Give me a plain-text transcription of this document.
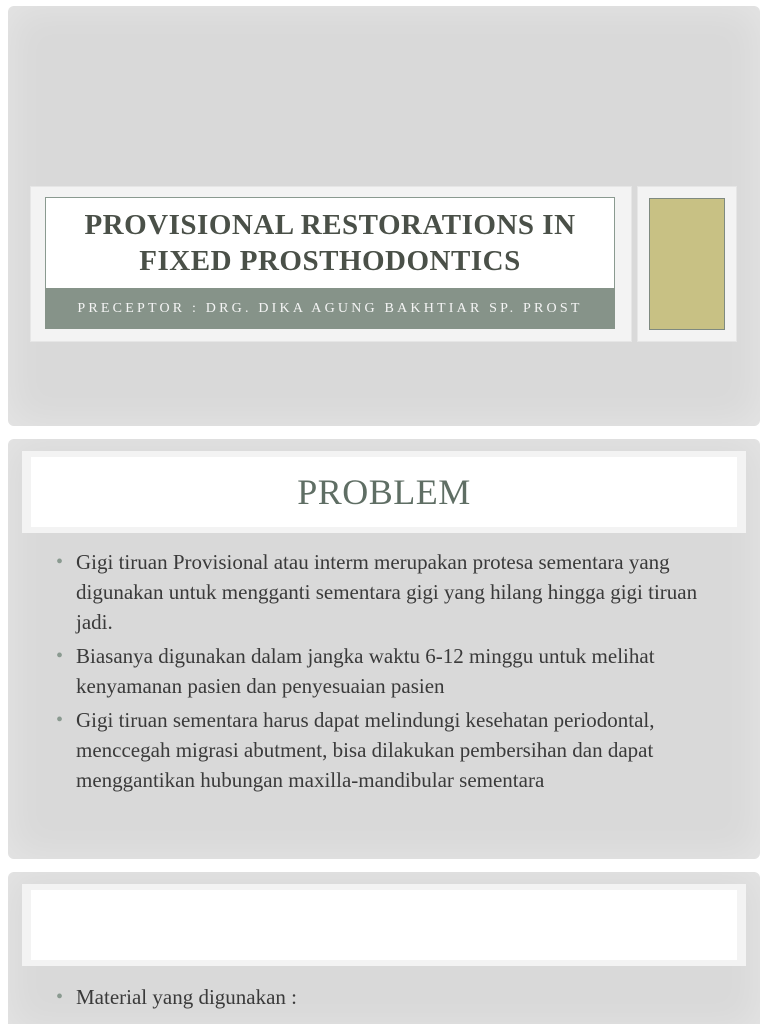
PROVISIONAL RESTORATIONS IN
FIXED PROSTHODONTICS
PRECEPTOR : DRG. DIKA AGUNG BAKHTIAR SP. PROST
PROBLEM
• Gigi tiruan Provisional atau interm merupakan protesa sementara yang digunakan untuk mengganti sementara gigi yang hilang hingga gigi tiruan jadi.
• Biasanya digunakan dalam jangka waktu 6-12 minggu untuk melihat kenyamanan pasien dan penyesuaian pasien
• Gigi tiruan sementara harus dapat melindungi kesehatan periodontal, menccegah migrasi abutment, bisa dilakukan pembersihan dan dapat menggantikan hubungan maxilla-mandibular sementara
• Material yang digunakan :
